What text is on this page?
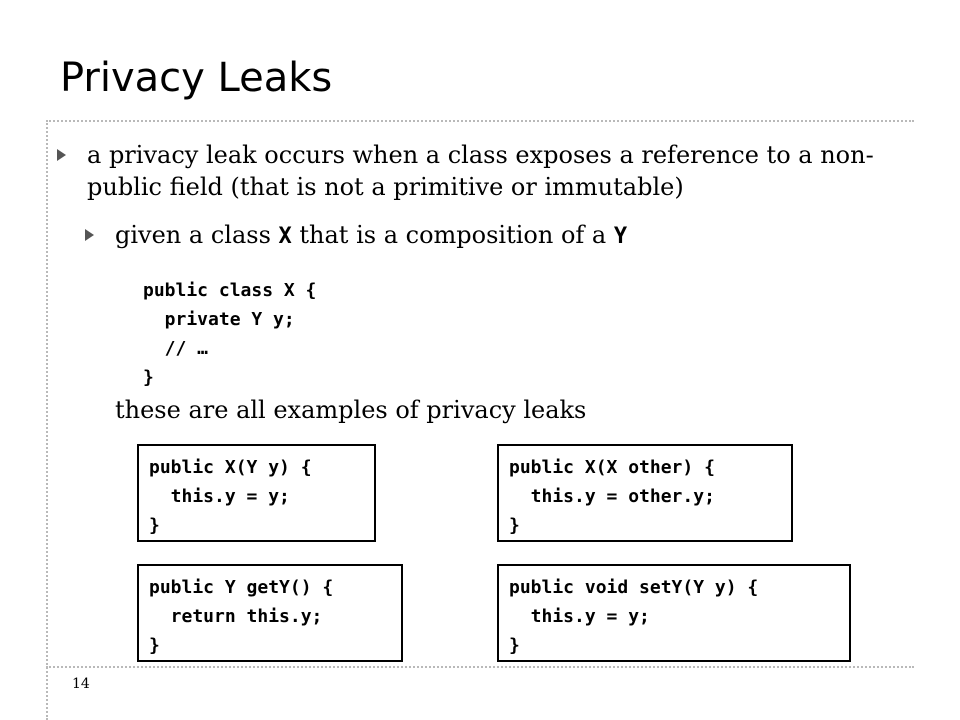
Privacy Leaks
a privacy leak occurs when a class exposes a reference to a non-public field (that is not a primitive or immutable)
given a class X that is a composition of a Y
public class X {
private Y y;
// …
}
these are all examples of privacy leaks
public X(Y y) {
this.y = y;
}
public X(X other) {
this.y = other.y;
}
public Y getY() {
return this.y;
}
public void setY(Y y) {
this.y = y;
}
14
